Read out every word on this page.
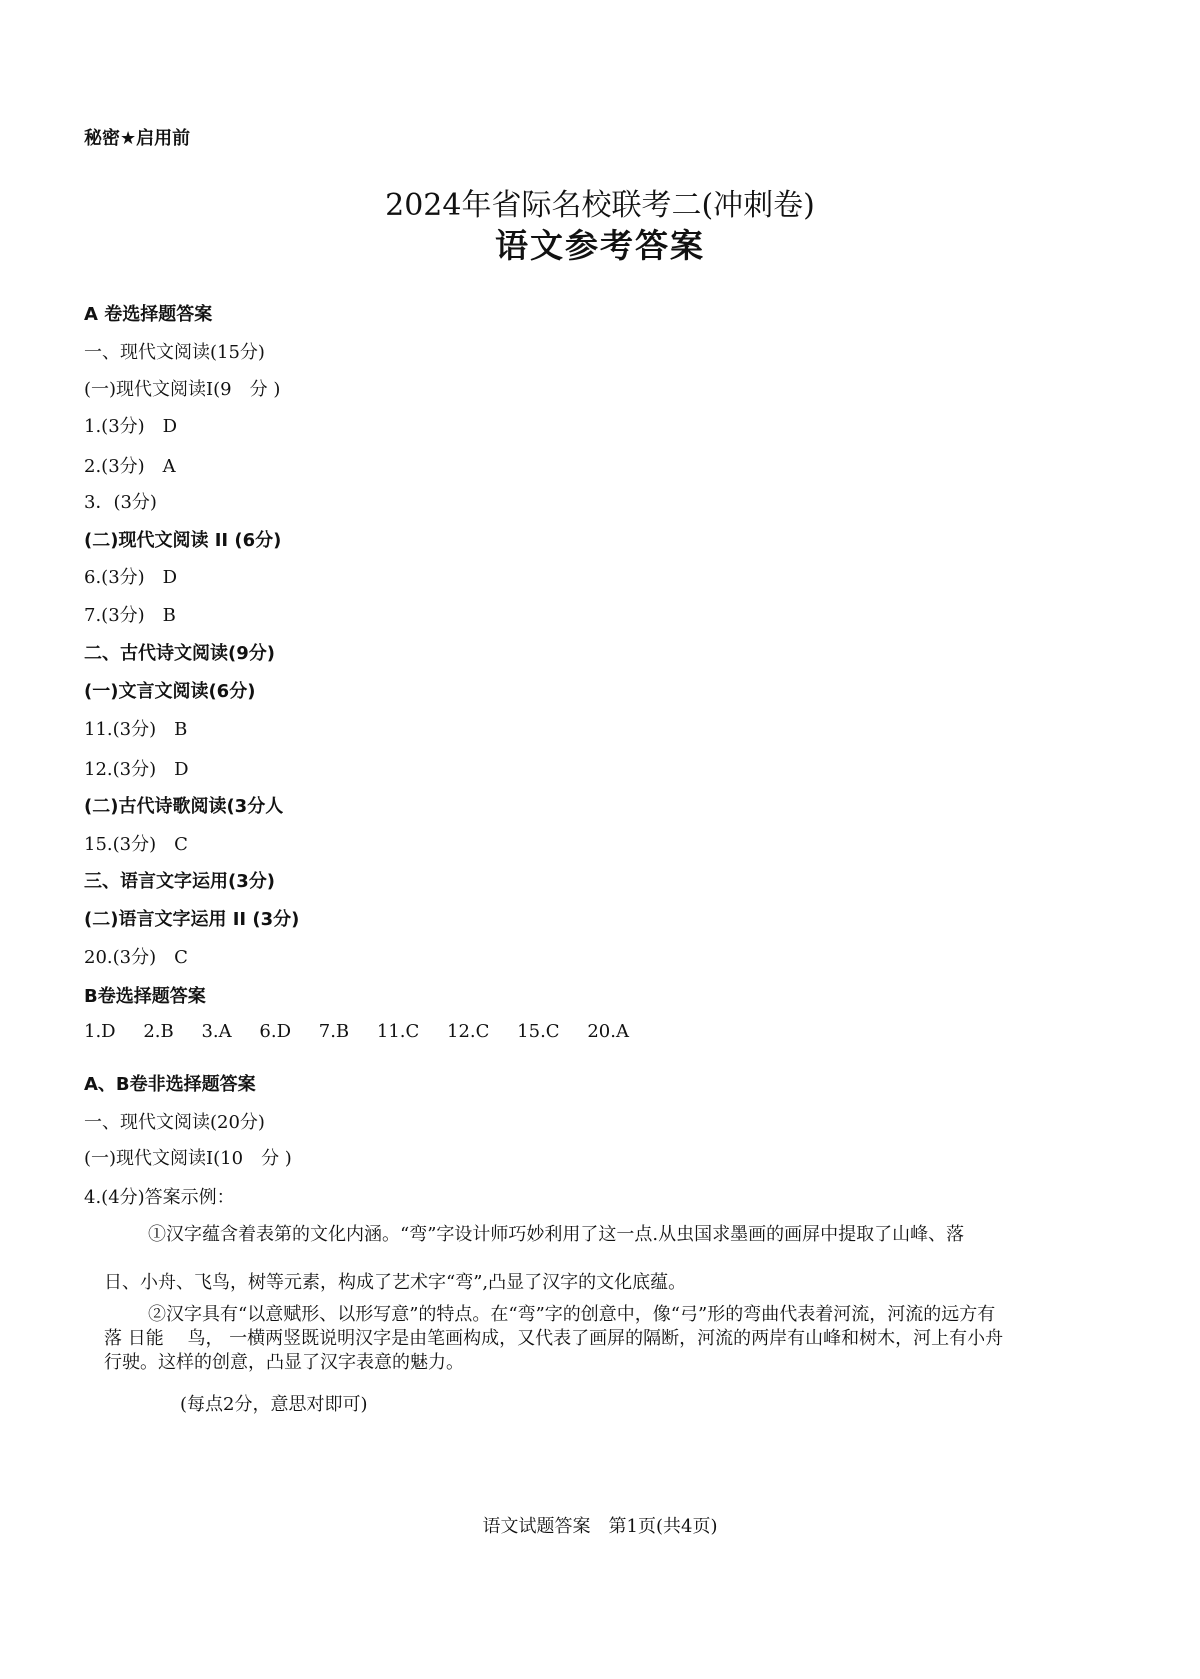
秘密★启用前
2024年省际名校联考二(冲刺卷)
语文参考答案
A 卷选择题答案
一、现代文阅读(15分)
(一)现代文阅读Ⅰ(9　分 )
1.(3分)　D
2.(3分)　A
3．(3分)
(二)现代文阅读 II (6分)
6.(3分)　D
7.(3分)　B
二、古代诗文阅读(9分)
(一)文言文阅读(6分)
11.(3分)　B
12.(3分)　D
(二)古代诗歌阅读(3分人
15.(3分)　C
三、语言文字运用(3分)
(二)语言文字运用 II (3分)
20.(3分)　C
B卷选择题答案
1.D 2.B 3.A 6.D 7.B 11.C 12.C 15.C 20.A
A、B卷非选择题答案
一、现代文阅读(20分)
(一)现代文阅读Ⅰ(10　分 )
4.(4分)答案示例：
①汉字蕴含着表第的文化内涵。“弯”字设计师巧妙利用了这一点.从虫国求墨画的画屏中提取了山峰、落
日、小舟、飞鸟，树等元素，构成了艺术字“弯”,凸显了汉字的文化底蕴。
②汉字具有“以意赋形、以形写意”的特点。在“弯”字的创意中，像“弓”形的弯曲代表着河流，河流的远方有
落 日能　 鸟， 一横两竖既说明汉字是由笔画构成，又代表了画屏的隔断，河流的两岸有山峰和树木，河上有小舟
行驶。这样的创意，凸显了汉字表意的魅力。
(每点2分，意思对即可)
语文试题答案　第1页(共4页)
